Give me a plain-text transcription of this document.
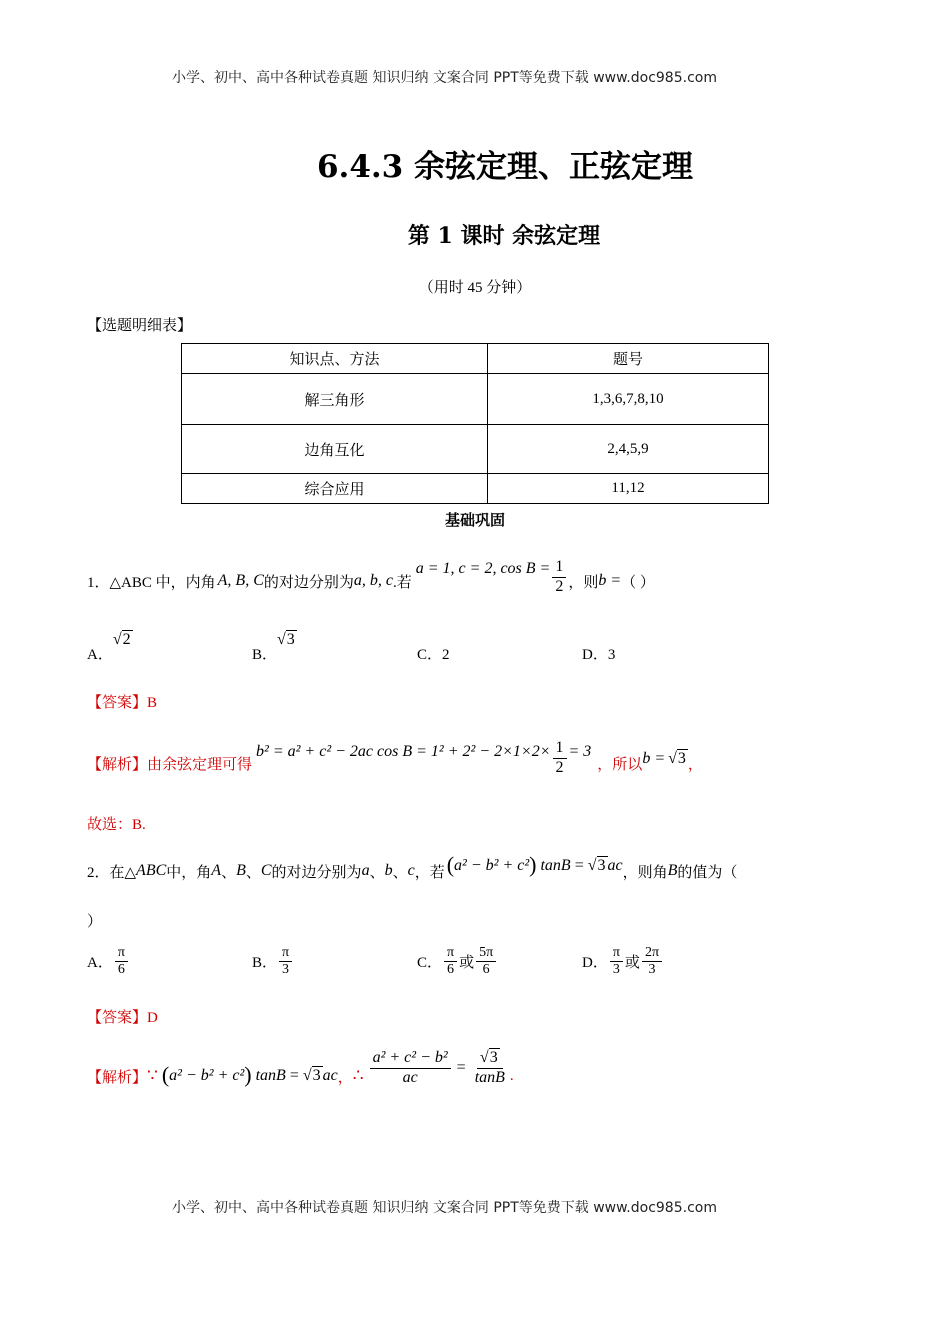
小学、初中、高中各种试卷真题 知识归纳 文案合同 PPT等免费下载 www.doc985.com
小学、初中、高中各种试卷真题 知识归纳 文案合同 PPT等免费下载 www.doc985.com
6.4.3 余弦定理、正弦定理
第 1 课时 余弦定理
（用时 45 分钟）
【选题明细表】
知识点、方法	题号
解三角形	1,3,6,7,8,10
边角互化	2,4,5,9
综合应用	11,12
基础巩固
1．△ABC 中，内角 A, B, C 的对边分别为 a, b, c .若
a = 1, c = 2, $\cos B = \frac{1}{2}$ ，则 b = （ ）
A．√2
B．√3
C．2	D．3
【答案】B
【解析】 由余弦定理可得
b² = a² + c² − 2ac $\cos B = 1^2 + 2^2 - 2\times 1\times 2\times \frac{1}{2} = 3$
，所以 b = √3 ，
故选：B.
2．在△ ABC 中，角 A 、 B 、 C 的对边分别为 a 、 b 、 c ，若 (a² − b² + c²) tanB = √3 ac ，则角 B 的值为（
）
A． $\frac{\pi}{6}$	B． $\frac{\pi}{3}$	C． $\frac{\pi}{6}$ 或 $\frac{5\pi}{6}$	D． $\frac{\pi}{3}$ 或 $\frac{2\pi}{3}$
【答案】D
【解析】 ∵ (a² − b² + c²) tanB = √3 ac ， ∴ $\frac{\text{a² + c² − b²}}{ac} = \frac{√3}{\tan B}$ .
